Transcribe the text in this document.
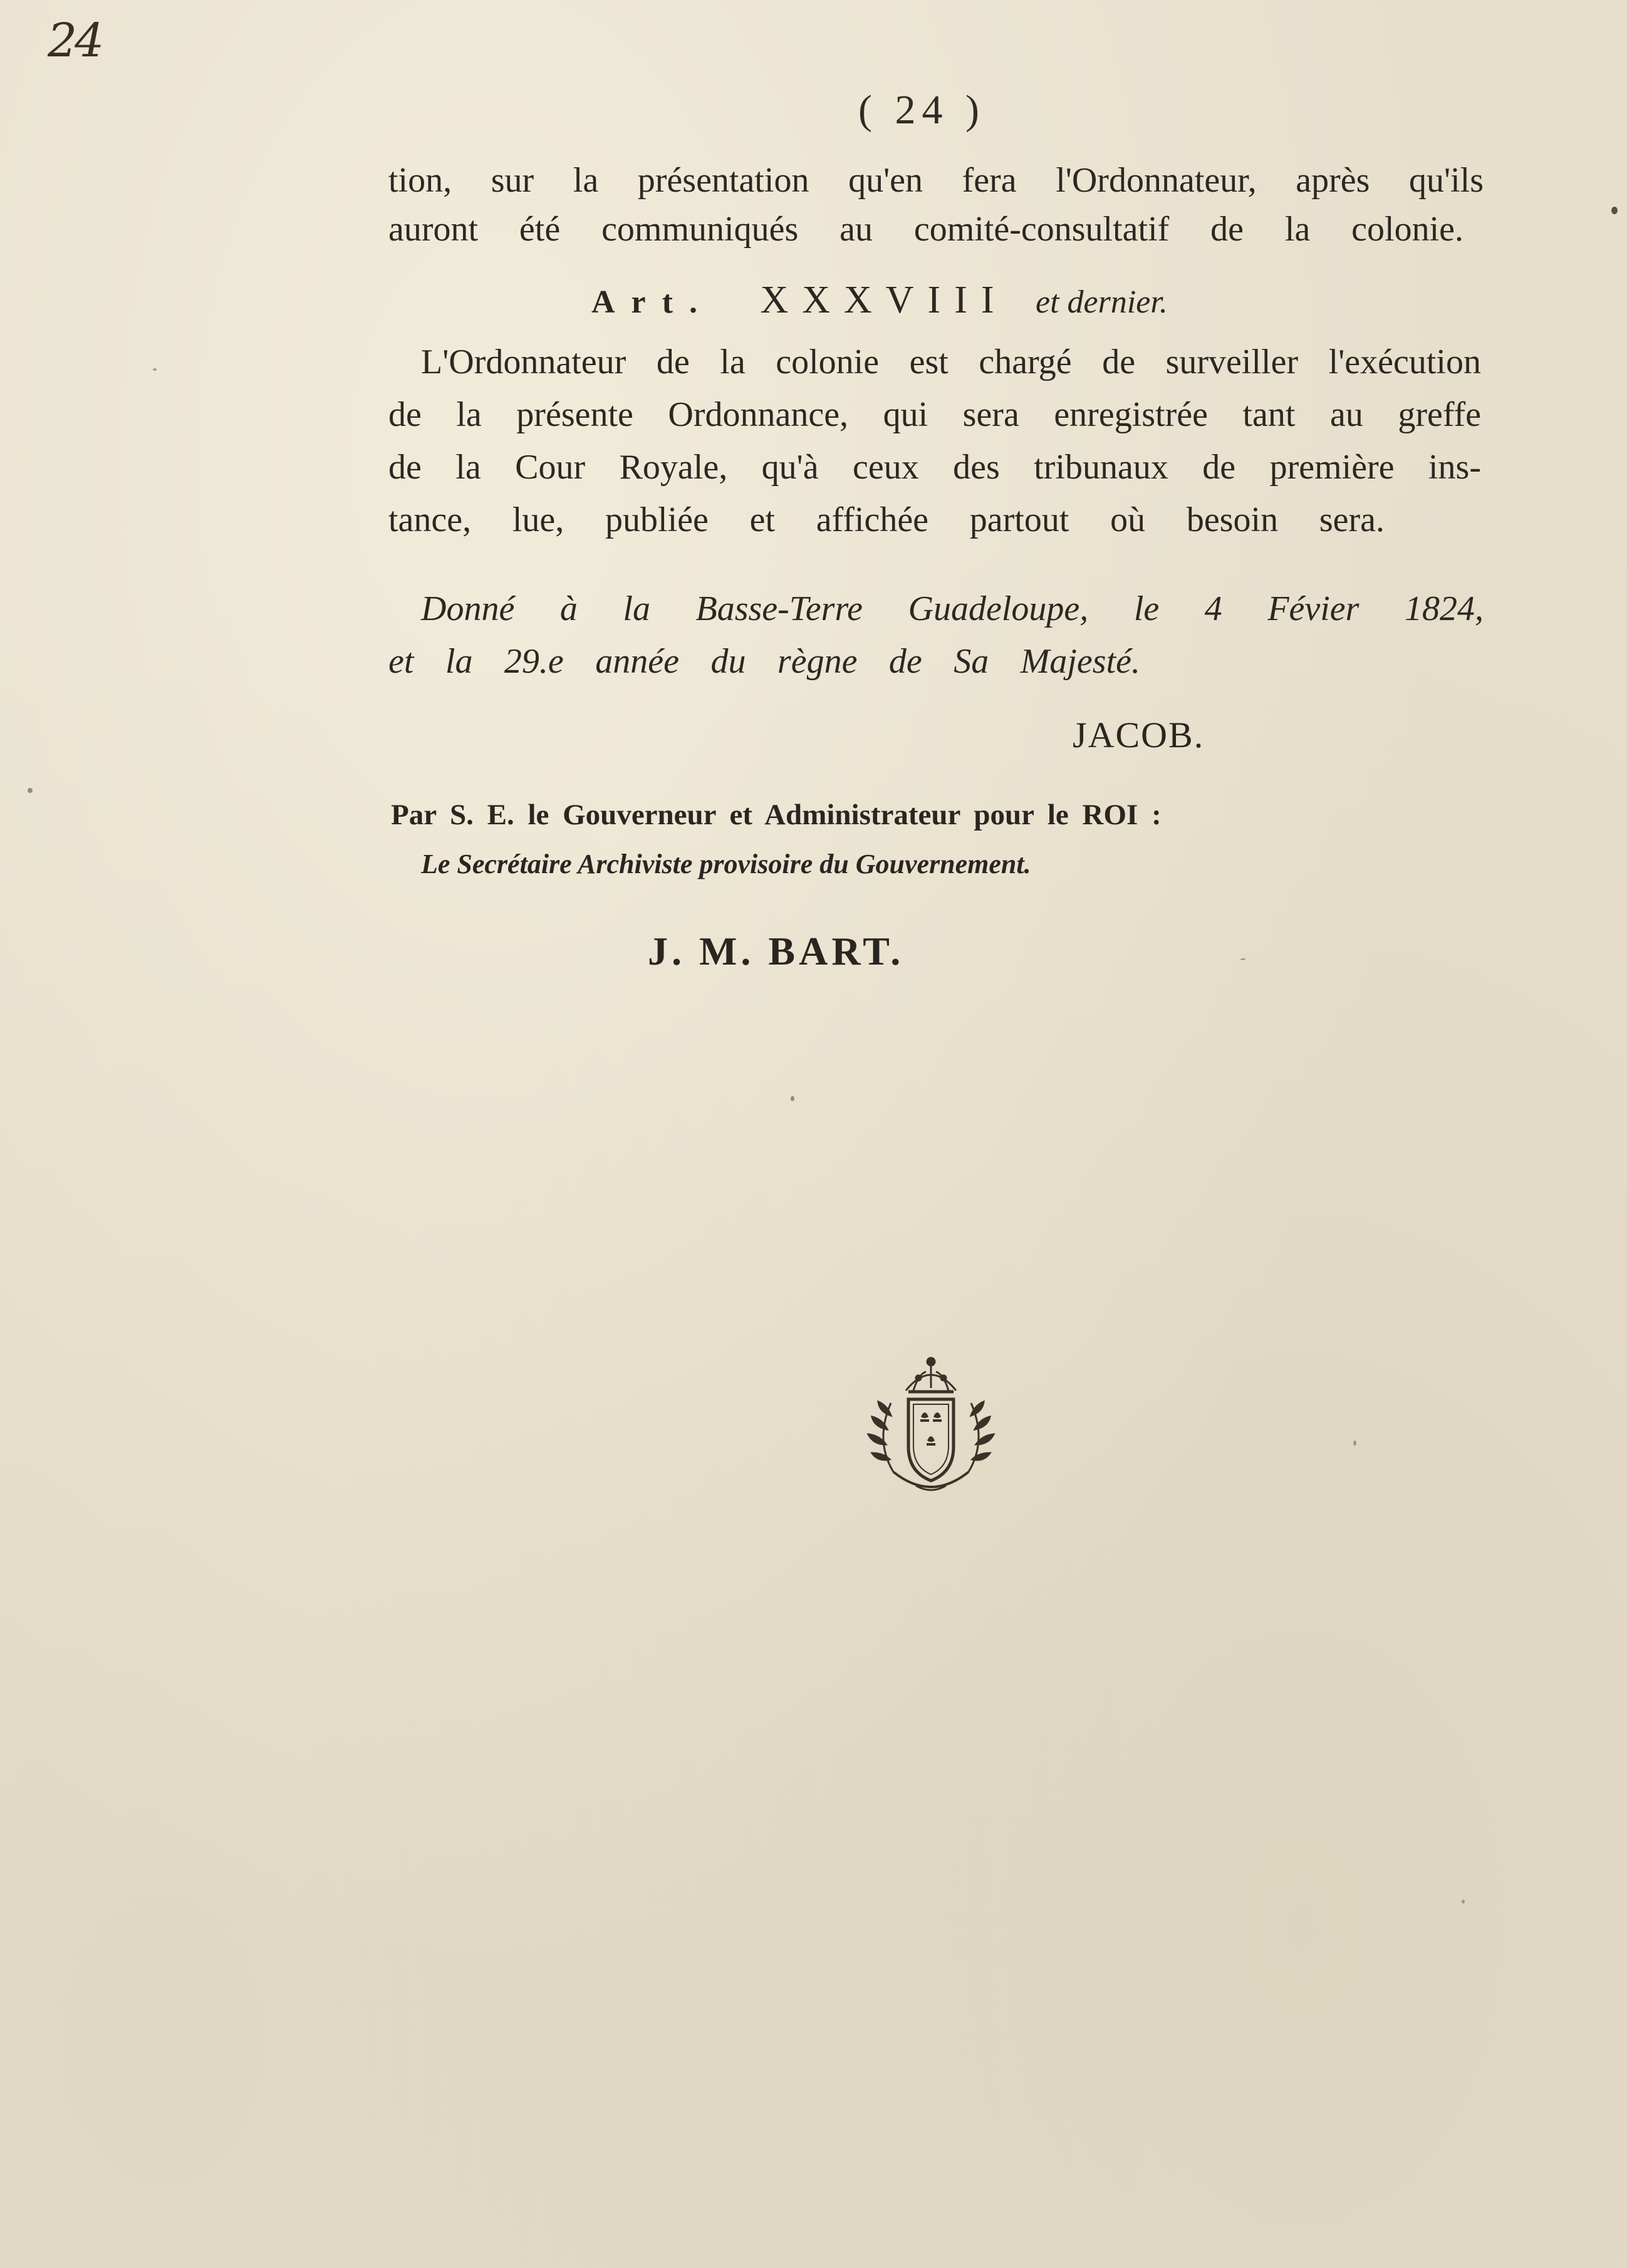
24
( 24 )
tion, sur la présentation qu'en fera l'Ordonnateur, après qu'ils
auront été communiqués au comité-consultatif de la colonie.
Art. XXXVIII et dernier.
L'Ordonnateur de la colonie est chargé de surveiller l'exécution
de la présente Ordonnance, qui sera enregistrée tant au greffe
de la Cour Royale, qu'à ceux des tribunaux de première ins-
tance, lue, publiée et affichée partout où besoin sera.
Donné à la Basse-Terre Guadeloupe, le 4 Févier 1824,
et la 29.e année du règne de Sa Majesté.
JACOB.
Par S. E. le Gouverneur et Administrateur pour le ROI :
Le Secrétaire Archiviste provisoire du Gouvernement.
J. M. BART.
